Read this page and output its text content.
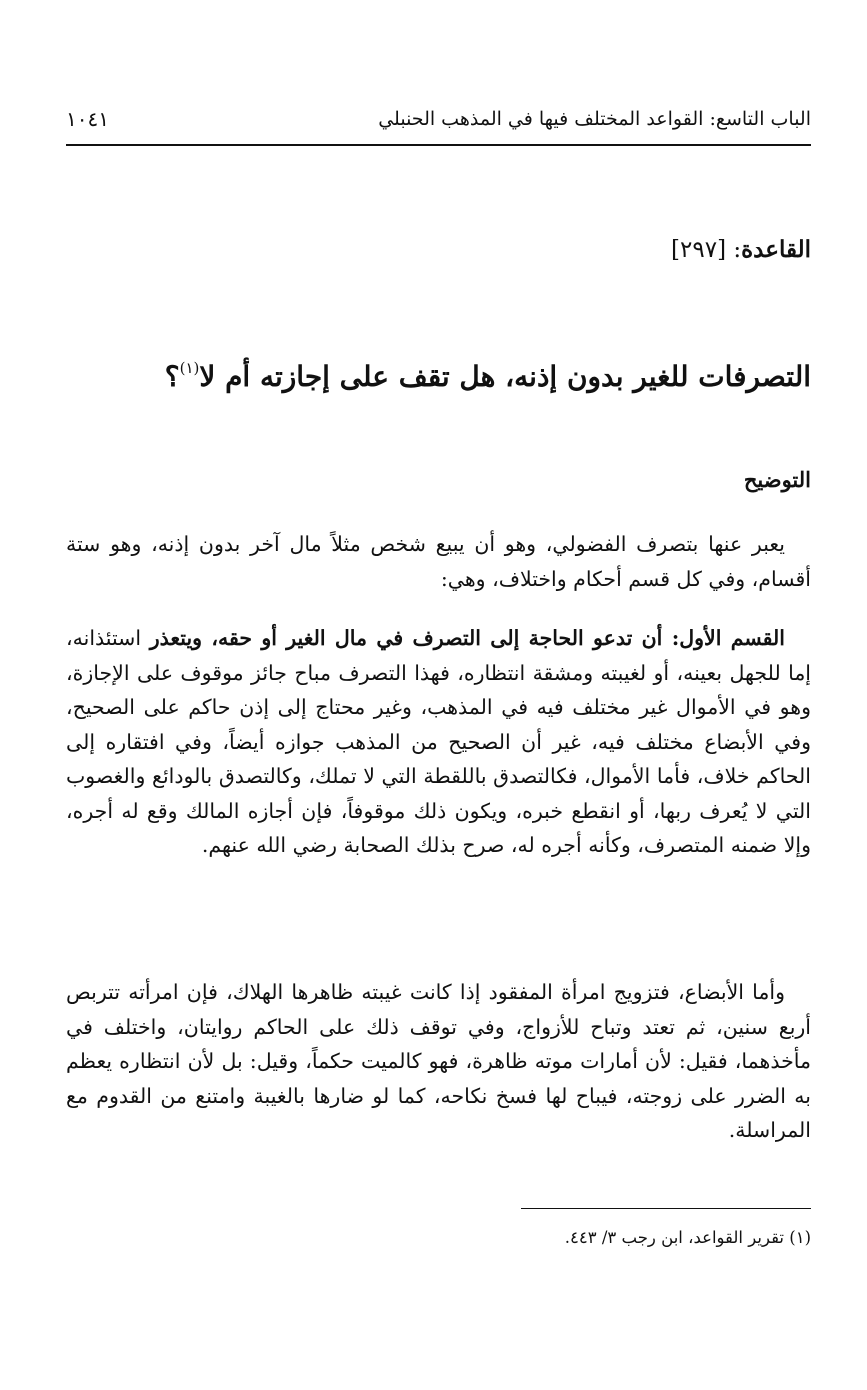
الباب التاسع: القواعد المختلف فيها في المذهب الحنبلي
١٠٤١
القاعدة: [٢٩٧]
التصرفات للغير بدون إذنه، هل تقف على إجازته أم لا$^{(١)}$؟
التوضيح

يعبر عنها بتصرف الفضولي، وهو أن يبيع شخص مثلاً مال آخر بدون إذنه، وهو ستة أقسام، وفي كل قسم أحكام واختلاف، وهي:

القسم الأول: أن تدعو الحاجة إلى التصرف في مال الغير أو حقه، ويتعذر استئذانه، إما للجهل بعينه، أو لغيبته ومشقة انتظاره، فهذا التصرف مباح جائز موقوف على الإجازة، وهو في الأموال غير مختلف فيه في المذهب، وغير محتاج إلى إذن حاكم على الصحيح، وفي الأبضاع مختلف فيه، غير أن الصحيح من المذهب جوازه أيضاً، وفي افتقاره إلى الحاكم خلاف، فأما الأموال، فكالتصدق باللقطة التي لا تملك، وكالتصدق بالودائع والغصوب التي لا يُعرف ربها، أو انقطع خبره، ويكون ذلك موقوفاً، فإن أجازه المالك وقع له أجره، وإلا ضمنه المتصرف، وكأنه أجره له، صرح بذلك الصحابة رضي الله عنهم.

وأما الأبضاع، فتزويج امرأة المفقود إذا كانت غيبته ظاهرها الهلاك، فإن امرأته تتربص أربع سنين، ثم تعتد وتباح للأزواج، وفي توقف ذلك على الحاكم روايتان، واختلف في مأخذهما، فقيل: لأن أمارات موته ظاهرة، فهو كالميت حكماً، وقيل: بل لأن انتظاره يعظم به الضرر على زوجته، فيباح لها فسخ نكاحه، كما لو ضارها بالغيبة وامتنع من القدوم مع المراسلة.

(١) تقرير القواعد، ابن رجب ٣/ ٤٤٣.
